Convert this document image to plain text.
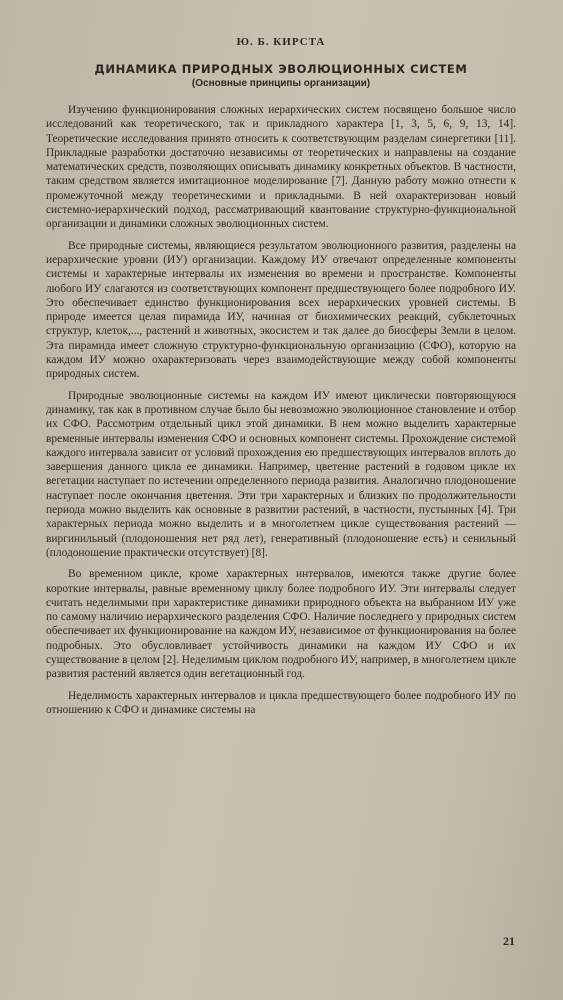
Ю. Б. КИРСТА
ДИНАМИКА ПРИРОДНЫХ ЭВОЛЮЦИОННЫХ СИСТЕМ
(Основные принципы организации)

Изучению функционирования сложных иерархических систем посвящено большое число исследований как теоретического, так и прикладного характера [1, 3, 5, 6, 9, 13, 14]. Теоретические исследования принято относить к соответствующим разделам синергетики [11]. Прикладные разработки достаточно независимы от теоретических и направлены на создание математических средств, позволяющих описывать динамику конкретных объектов. В частности, таким средством является имитационное моделирование [7]. Данную работу можно отнести к промежуточной между теоретическими и прикладными. В ней охарактеризован новый системно-иерархический подход, рассматривающий квантование структурно-функциональной организации и динамики сложных эволюционных систем.

Все природные системы, являющиеся результатом эволюционного развития, разделены на иерархические уровни (ИУ) организации. Каждому ИУ отвечают определенные компоненты системы и характерные интервалы их изменения во времени и пространстве. Компоненты любого ИУ слагаются из соответствующих компонент предшествующего более подробного ИУ. Это обеспечивает единство функционирования всех иерархических уровней системы. В природе имеется целая пирамида ИУ, начиная от биохимических реакций, субклеточных структур, клеток,..., растений и животных, экосистем и так далее до биосферы Земли в целом. Эта пирамида имеет сложную структурно-функциональную организацию (СФО), которую на каждом ИУ можно охарактеризовать через взаимодействующие между собой компоненты природных систем.

Природные эволюционные системы на каждом ИУ имеют циклически повторяющуюся динамику, так как в противном случае было бы невозможно эволюционное становление и отбор их СФО. Рассмотрим отдельный цикл этой динамики. В нем можно выделить характерные временные интервалы изменения СФО и основных компонент системы. Прохождение системой каждого интервала зависит от условий прохождения ею предшествующих интервалов вплоть до завершения данного цикла ее динамики. Например, цветение растений в годовом цикле их вегетации наступает по истечении определенного периода развития. Аналогично плодоношение наступает после окончания цветения. Эти три характерных и близких по продолжительности периода можно выделить как основные в развитии растений, в частности, пустынных [4]. Три характерных периода можно выделить и в многолетнем цикле существования растений — виргинильный (плодоношения нет ряд лет), генеративный (плодоношение есть) и сенильный (плодоношение практически отсутствует) [8].

Во временном цикле, кроме характерных интервалов, имеются также другие более короткие интервалы, равные временному циклу более подробного ИУ. Эти интервалы следует считать неделимыми при характеристике динамики природного объекта на выбранном ИУ уже по самому наличию иерархического разделения СФО. Наличие последнего у природных систем обеспечивает их функционирование на каждом ИУ, независимое от функционирования на более подробных. Это обусловливает устойчивость динамики на каждом ИУ СФО и их существование в целом [2]. Неделимым циклом подробного ИУ, например, в многолетнем цикле развития растений является один вегетационный год.

Неделимость характерных интервалов и цикла предшествующего более подробного ИУ по отношению к СФО и динамике системы на

21
